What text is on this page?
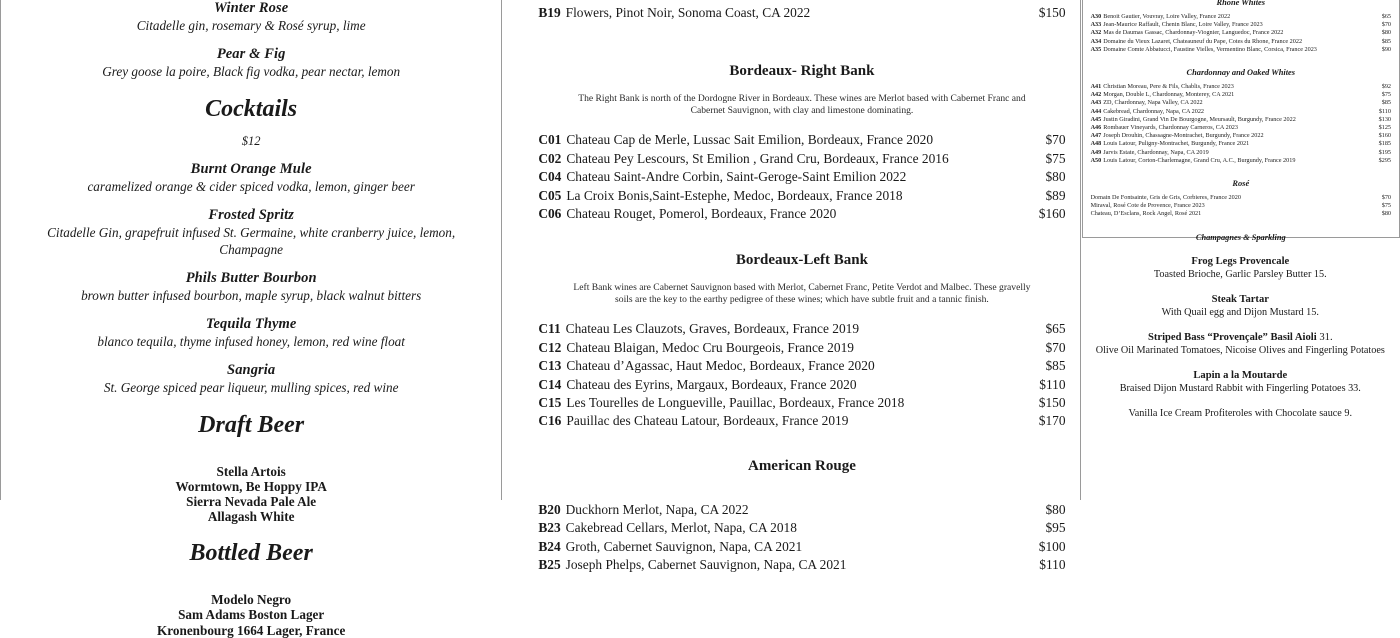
Winter Rose

Citadelle gin, rosemary & Rosé syrup, lime

Pear & Fig

Grey goose la poire, Black fig vodka, pear nectar, lemon

Cocktails

$12

Burnt Orange Mule

caramelized orange & cider spiced vodka, lemon, ginger beer

Frosted Spritz

Citadelle Gin, grapefruit infused St. Germaine, white cranberry juice, lemon, Champagne

Phils Butter Bourbon

brown butter infused bourbon, maple syrup, black walnut bitters

Tequila Thyme

blanco tequila, thyme infused honey, lemon, red wine float

Sangria

St. George spiced pear liqueur, mulling spices, red wine

Draft Beer

Stella Artois

Wormtown, Be Hoppy IPA

Sierra Nevada Pale Ale

Allagash White

Bottled Beer

Modelo Negro

Sam Adams Boston Lager

Kronenbourg 1664 Lager, France

B19 Flowers, Pinot Noir, Sonoma Coast, CA 2022	$150
Bordeaux- Right Bank

The Right Bank is north of the Dordogne River in Bordeaux. These wines are Merlot based with Cabernet Franc and Cabernet Sauvignon, with clay and limestone dominating.

C01 Chateau Cap de Merle, Lussac Sait Emilion, Bordeaux, France 2020	$70
C02 Chateau Pey Lescours, St Emilion , Grand Cru, Bordeaux, France 2016	$75
C04 Chateau Saint-Andre Corbin, Saint-Geroge-Saint Emilion 2022	$80
C05 La Croix Bonis,Saint-Estephe, Medoc, Bordeaux, France 2018	$89
C06 Chateau Rouget, Pomerol, Bordeaux, France 2020	$160
Bordeaux-Left Bank

Left Bank wines are Cabernet Sauvignon based with Merlot, Cabernet Franc, Petite Verdot and Malbec. These gravelly soils are the key to the earthy pedigree of these wines; which have subtle fruit and a tannic finish.

C11 Chateau Les Clauzots, Graves, Bordeaux, France 2019	$65
C12 Chateau Blaigan, Medoc Cru Bourgeois, France 2019	$70
C13 Chateau d’Agassac, Haut Medoc, Bordeaux, France 2020	$85
C14 Chateau des Eyrins, Margaux, Bordeaux, France 2020	$110
C15 Les Tourelles de Longueville, Pauillac, Bordeaux, France 2018	$150
C16 Pauillac des Chateau Latour, Bordeaux, France 2019	$170
American Rouge
B20 Duckhorn Merlot, Napa, CA 2022	$80
B23 Cakebread Cellars, Merlot, Napa, CA 2018	$95
B24 Groth, Cabernet Sauvignon, Napa, CA 2021	$100
B25 Joseph Phelps, Cabernet Sauvignon, Napa, CA 2021	$110
Rhone Whites
A30 Benoit Gautier, Vouvray, Loire Valley, France 2022	$65
A33 Jean-Maurice Raffault, Chenin Blanc, Loire Valley, France 2023	$70
A32 Mas de Daumas Gassac, Chardonnay-Viognier, Languedoc, France 2022	$80
A34 Domaine du Vieux Lazaret, Chateauneuf du Pape, Cotes du Rhone, France 2022	$85
A35 Domaine Comte Abbatucci, Faustine Vielles, Vermentino Blanc, Corsica, France 2023	$90
Chardonnay and Oaked Whites
A41 Christian Moreau, Pere & Fils, Chablis, France 2023	$92
A42 Morgan, Double L, Chardonnay, Monterey, CA 2021	$75
A43 ZD, Chardonnay, Napa Valley, CA 2022	$85
A44 Cakebread, Chardonnay, Napa, CA 2022	$110
A45 Justin Giradini, Grand Vin De Bourgogne, Meursault, Burgundy, France 2022	$130
A46 Rombauer Vineyards, Chardonnay Carneros, CA 2023	$125
A47 Joseph Drouhin, Chassagne-Montrachet, Burgundy, France 2022	$160
A48 Louis Latour, Puligny-Montrachet, Burgundy, France 2021	$185
A49 Jarvis Estate, Chardonnay, Napa, CA 2019	$195
A50 Louis Latour, Corton-Charlemagne, Grand Cru, A.C., Burgundy, France 2019	$295
Rosé
Domain De Fontsainte, Gris de Gris, Corbieres, France 2020	$70
Miraval, Rosé Cote de Provence, France 2023	$75
Chateau, D’Esclans, Rock Angel, Rosé 2021	$80
Champagnes & Sparkling

Frog Legs Provencale

Toasted Brioche, Garlic Parsley Butter 15.

Steak Tartar

With Quail egg and Dijon Mustard 15.

Striped Bass “Provençale” Basil Aioli 31.

Olive Oil Marinated Tomatoes, Nicoise Olives and Fingerling Potatoes

Lapin a la Moutarde

Braised Dijon Mustard Rabbit with Fingerling Potatoes 33.

Vanilla Ice Cream Profiteroles with Chocolate sauce 9.
